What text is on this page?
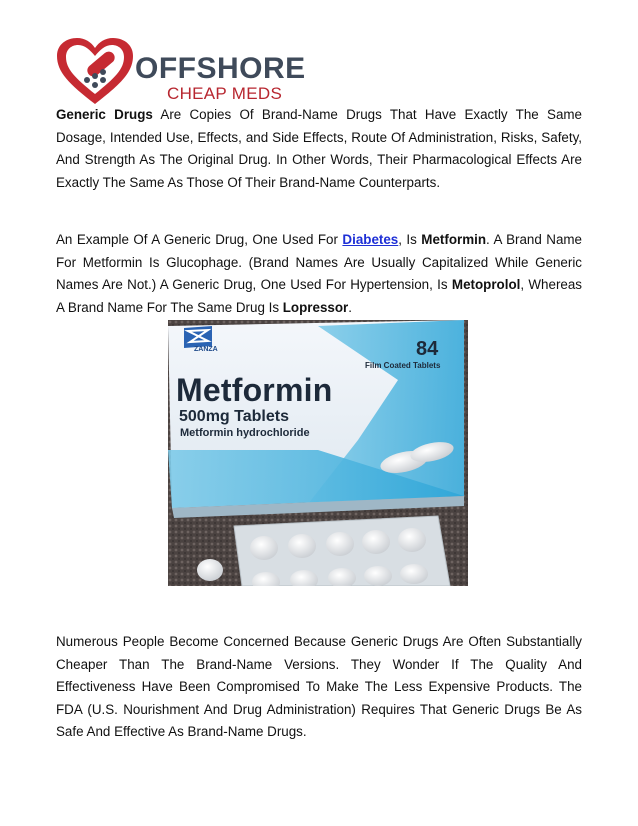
OFFSHORE
CHEAP MEDS

Generic Drugs Are Copies Of Brand-Name Drugs That Have Exactly The Same Dosage, Intended Use, Effects, and Side Effects, Route Of Administration, Risks, Safety, And Strength As The Original Drug. In Other Words, Their Pharmacological Effects Are Exactly The Same As Those Of Their Brand-Name Counterparts.

An Example Of A Generic Drug, One Used For Diabetes, Is Metformin. A Brand Name For Metformin Is Glucophage. (Brand Names Are Usually Capitalized While Generic Names Are Not.) A Generic Drug, One Used For Hypertension, Is Metoprolol, Whereas A Brand Name For The Same Drug Is Lopressor.

ZANZA	84
Film Coated Tablets
Metformin
500mg Tablets
Metformin hydrochloride

Numerous People Become Concerned Because Generic Drugs Are Often Substantially Cheaper Than The Brand-Name Versions. They Wonder If The Quality And Effectiveness Have Been Compromised To Make The Less Expensive Products. The FDA (U.S. Nourishment And Drug Administration) Requires That Generic Drugs Be As Safe And Effective As Brand-Name Drugs.
